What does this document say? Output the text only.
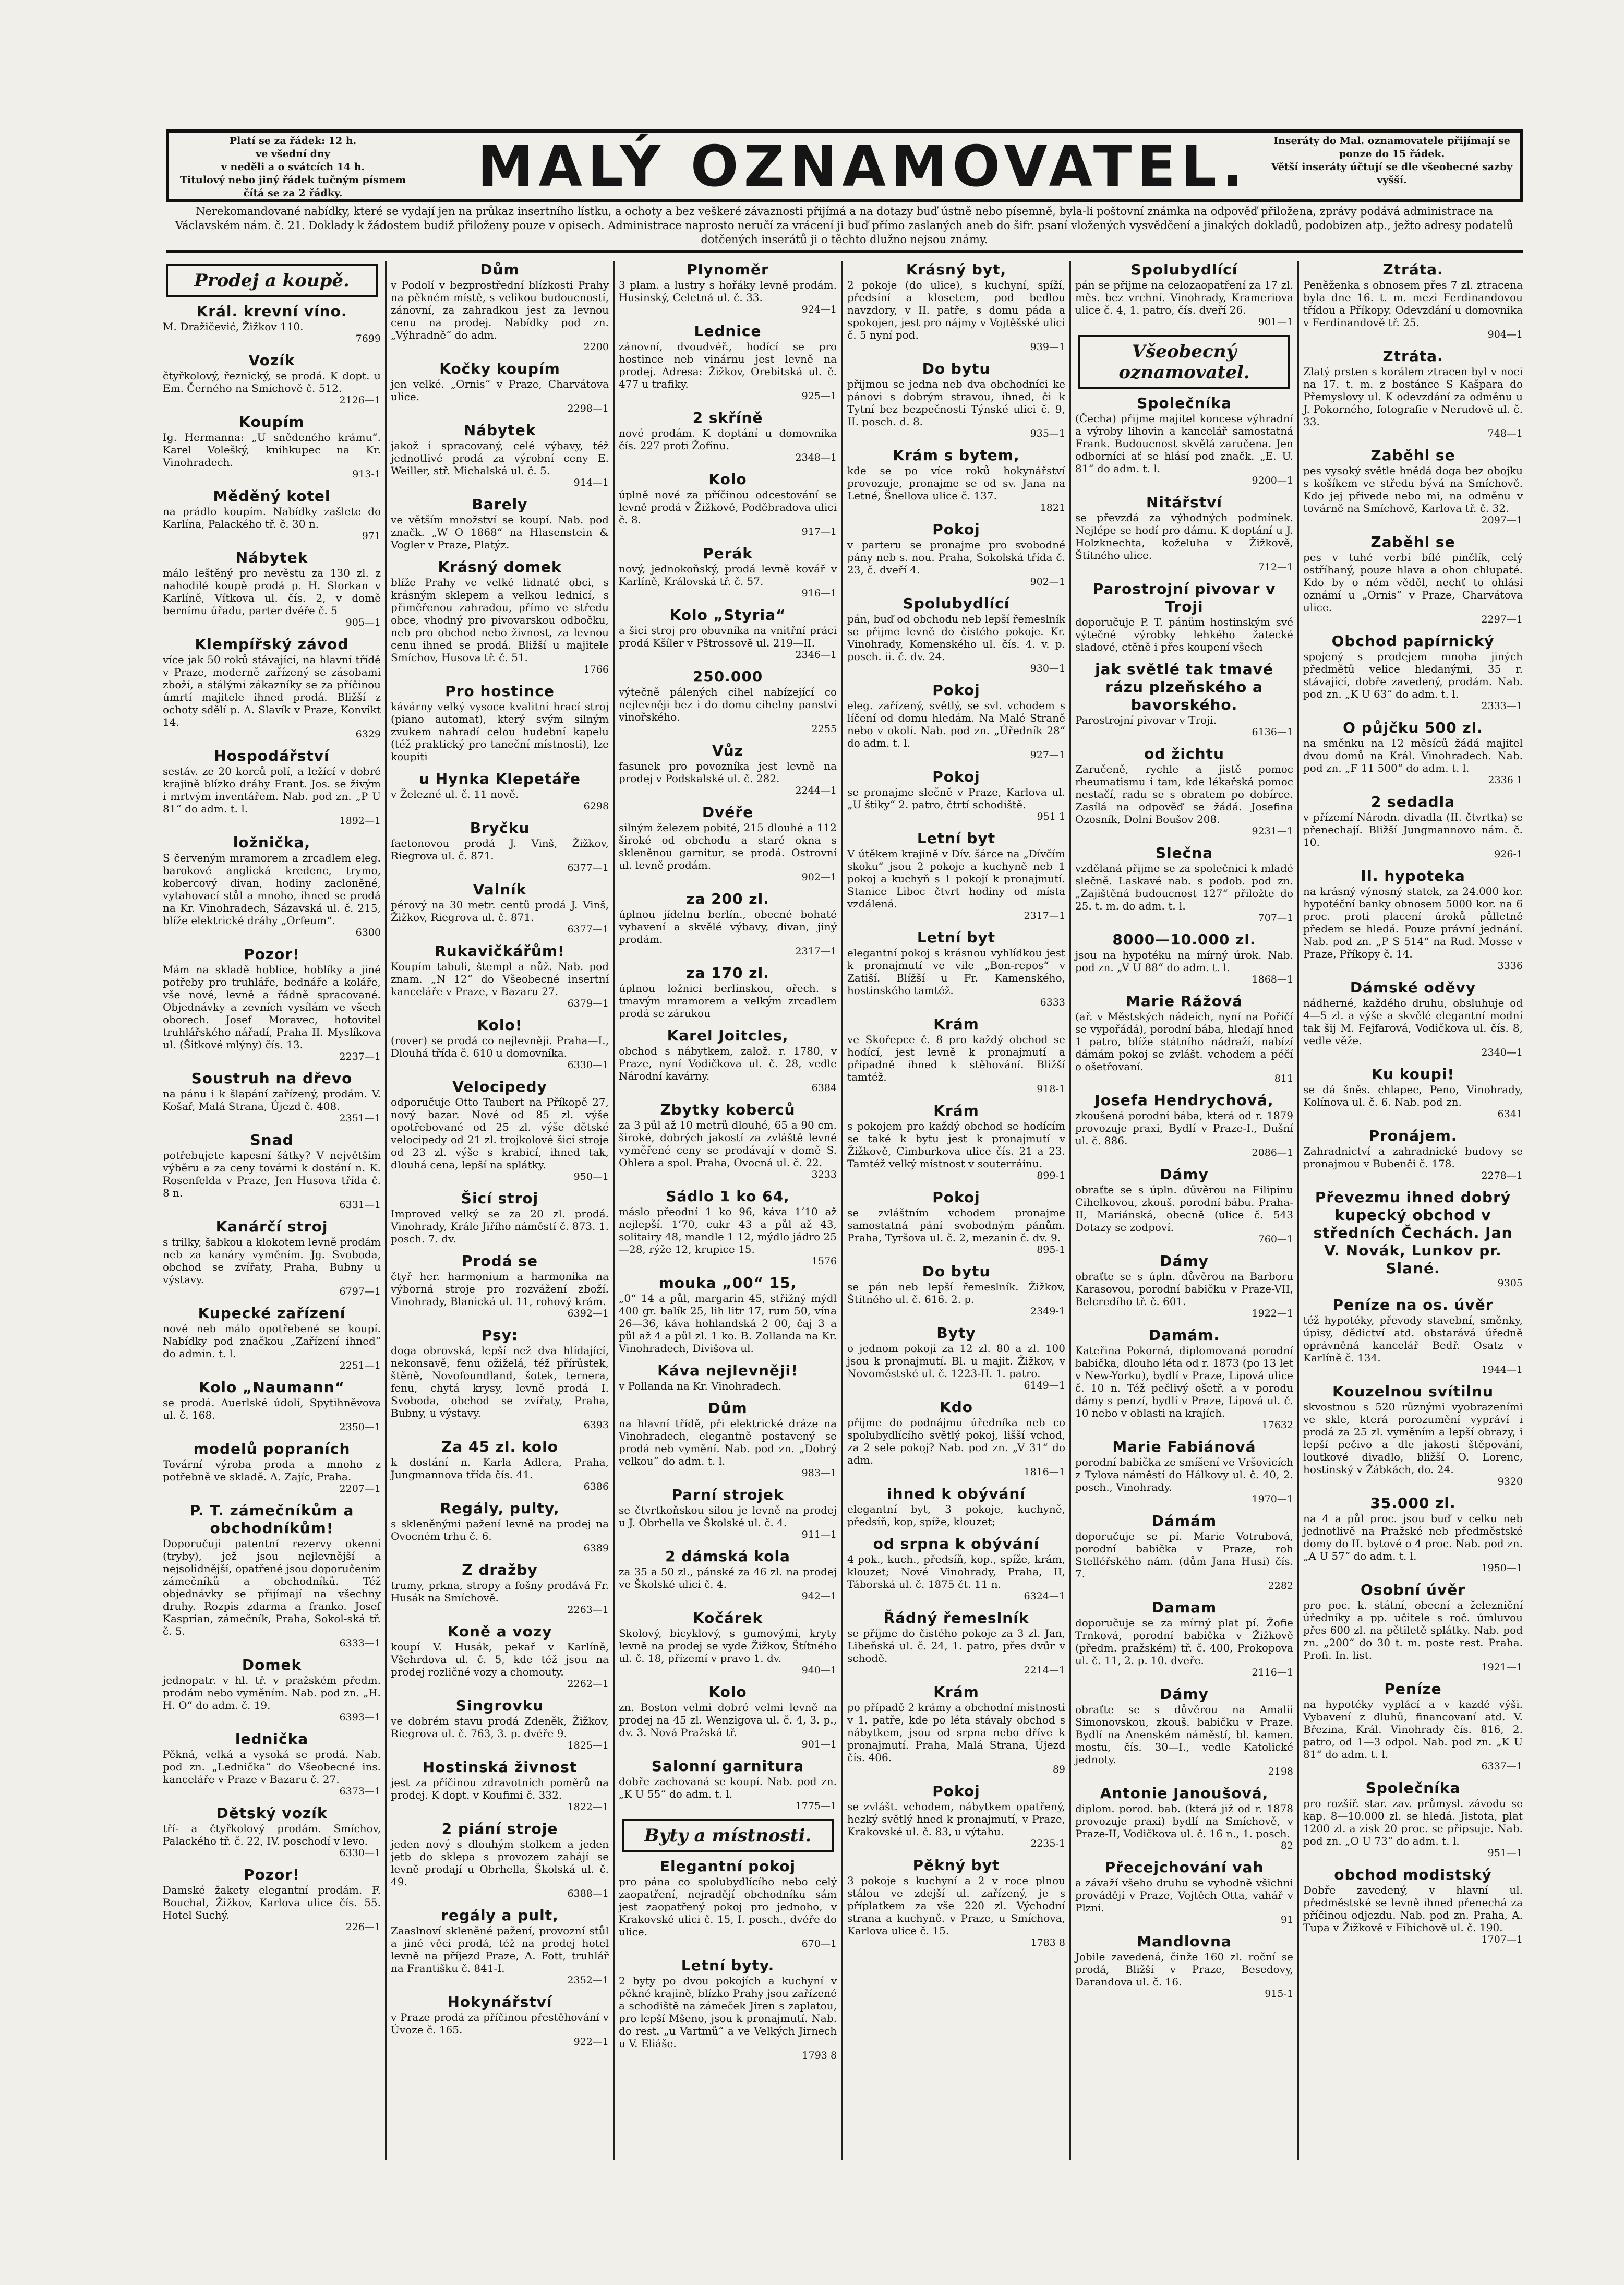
Platí se za řádek: 12 h.
ve všední dny
v neděli a o svátcích 14 h.
Titulový nebo jiný řádek tučným písmem čítá se za 2 řádky.	MALÝ OZNAMOVATEL.	Inseráty do Mal. oznamovatele přijímají se
ponze do 15 řádek.
Větší inseráty účtují se dle všeobecné sazby vyšší.
Nerekomandované nabídky, které se vydají jen na průkaz insertního lístku, a ochoty a bez veškeré závaznosti přijímá a na dotazy buď ústně nebo písemně, byla-li poštovní známka na odpověď přiložena, zprávy podává administrace na Václavském nám. č. 21. Doklady k žádostem budiž přiloženy pouze v opisech. Administrace naprosto neručí za vrácení ji buď přímo zaslaných aneb do šifr. psaní vložených vysvědčení a jinakých dokladů, podobizen atp., ježto adresy podatelů dotčených inserátů ji o těchto dlužno nejsou známy.
Prodej a koupě.
Král. krevní víno.

M. Dražičević, Žižkov 110.

7699
Vozík

čtyřkolový, řeznický, se prodá. K dopt. u Em. Černého na Smíchově č. 512.

2126—1
Koupím

Ig. Hermanna: „U snědeného krámu“. Karel Volešký, knihkupec na Kr. Vinohradech.

913-1
Měděný kotel

na prádlo koupím. Nabídky zašlete do Karlína, Palackého tř. č. 30 n.

971
Nábytek

málo leštěný pro nevěstu za 130 zl. z nahodilé koupě prodá p. H. Slorkan v Karlíně, Vítkova ul. čís. 2, v domě bernímu úřadu, parter dvéře č. 5

905—1
Klempířský závod

více jak 50 roků stávající, na hlavní třídě v Praze, moderně zařízený se zásobami zboží, a stálými zákazníky se za příčinou úmrtí majitele ihned prodá. Bližší z ochoty sdělí p. A. Slavík v Praze, Konvikt 14.

6329
Hospodářství

sestáv. ze 20 korců polí, a ležící v dobré krajině blízko dráhy Frant. Jos. se živým i mrtvým inventářem. Nab. pod zn. „P U 81“ do adm. t. l.

1892—1
ložnička,

S červeným mramorem a zrcadlem eleg. barokové anglická kredenc, trymo, kobercový divan, hodiny zacloněné, vytahovací stůl a mnoho, ihned se prodá na Kr. Vinohradech, Sázavská ul. č. 215, blíže elektrické dráhy „Orfeum“.

6300
Pozor!

Mám na skladě hoblice, hoblíky a jiné potřeby pro truhláře, bednáře a koláře, vše nové, levně a řádně spracované. Objednávky a zevních vysílám ve všech oborech. Josef Moravec, hotovitel truhlářského nářadí, Praha II. Myslíkova ul. (Šitkové mlýny) čís. 13.

2237—1
Soustruh na dřevo

na pánu i k šlapání zařízený, prodám. V. Košař, Malá Strana, Újezd č. 408.

2351—1
Snad

potřebujete kapesní šátky? V největším výběru a za ceny továrni k dostání n. K. Rosenfelda v Praze, Jen Husova třída č. 8 n.

6331—1
Kanárčí stroj

s trilky, šabkou a klokotem levně prodám neb za kanáry vyměním. Jg. Svoboda, obchod se zvířaty, Praha, Bubny u výstavy.

6797—1
Kupecké zařízení

nové neb málo opotřebené se koupí. Nabídky pod značkou „Zařízení ihned“ do admin. t. l.

2251—1
Kolo „Naumann“

se prodá. Auerlské údolí, Spytihněvova ul. č. 168.

2350—1
modelů popraních

Tovární výroba proda a mnoho z potřebně ve skladě. A. Zajíc, Praha.

2207—1
P. T. zámečníkům a obchodníkům!

Doporučuji patentní rezervy okenní (tryby), jež jsou nejlevnější a nejsolidnější, opatřené jsou doporučením zámečníků a obchodníků. Též objednávky se přijímají na všechny druhy. Rozpis zdarma a franko. Josef Kasprian, zámečník, Praha, Sokol-ská tř. č. 5.

6333—1
Domek

jednopatr. v hl. tř. v pražském předm. prodám nebo vyměním. Nab. pod zn. „H. H. O“ do adm. č. 19.

6393—1
lednička

Pěkná, velká a vysoká se prodá. Nab. pod zn. „Lednička“ do Všeobecné ins. kanceláře v Praze v Bazaru č. 27.

6373—1
Dětský vozík

tří- a čtyřkolový prodám. Smíchov, Palackého tř. č. 22, IV. poschodí v levo.

6330—1
Pozor!

Damské žakety elegantní prodám. F. Bouchal, Žižkov, Karlova ulice čís. 55. Hotel Suchý.

226—1
Dům

v Podolí v bezprostřední blízkosti Prahy na pěkném místě, s velikou budoucností, zánovní, za zahradkou jest za levnou cenu na prodej. Nabídky pod zn. „Výhradně“ do adm.

2200
Kočky koupím

jen velké. „Ornis“ v Praze, Charvátova ulice.

2298—1
Nábytek

jakož i spracovaný, celé výbavy, též jednotlivé prodá za výrobní ceny E. Weiller, stř. Michalská ul. č. 5.

914—1
Barely

ve větším množství se koupí. Nab. pod značk. „W O 1868“ na Hlasenstein & Vogler v Praze, Platýz.

Krásný domek

blíže Prahy ve velké lidnaté obci, s krásným sklepem a velkou lednicí, s přiměřenou zahradou, přímo ve středu obce, vhodný pro pivovarskou odbočku, neb pro obchod nebo živnost, za levnou cenu ihned se prodá. Bližší u majitele Smíchov, Husova tř. č. 51.

1766
Pro hostince

kávárny velký vysoce kvalitní hrací stroj (piano automat), který svým silným zvukem nahradí celou hudební kapelu (též praktický pro taneční místnosti), lze koupiti

u Hynka Klepetáře

v Železné ul. č. 11 nově.

6298
Bryčku

faetonovou prodá J. Vinš, Žižkov, Riegrova ul. č. 871.

6377—1
Valník

pérový na 30 metr. centů prodá J. Vinš, Žižkov, Riegrova ul. č. 871.

6377—1
Rukavičkářům!

Koupím tabuli, štempl a nůž. Nab. pod znam. „N 12“ do Všeobecné insertní kanceláře v Praze, v Bazaru 27.

6379—1
Kolo!

(rover) se prodá co nejlevněji. Praha—I., Dlouhá třída č. 610 u domovníka.

6330—1
Velocipedy

odporučuje Otto Taubert na Příkopě 27, nový bazar. Nové od 85 zl. výše opotřebované od 25 zl. výše dětské velocipedy od 21 zl. trojkolové šicí stroje od 23 zl. výše s krabicí, ihned tak, dlouhá cena, lepší na splátky.

950—1
Šicí stroj

Improved velký se za 20 zl. prodá. Vinohrady, Krále Jiřího náměstí č. 873. 1. posch. 7. dv.

Prodá se

čtyř her. harmonium a harmonika na výborná stroje pro rozvážení zboží. Vinohrady, Blanická ul. 11, rohový krám.

6392—1
Psy:

doga obrovská, lepší než dva hlídající, nekonsavě, fenu ožiželá, též přírůstek, štěně, Novofoundland, šotek, ternera, fenu, chytá krysy, levně prodá I. Svoboda, obchod se zvířaty, Praha, Bubny, u výstavy.

6393
Za 45 zl. kolo

k dostání n. Karla Adlera, Praha, Jungmannova třída čís. 41.

6386
Regály, pulty,

s skleněnými pažení levně na prodej na Ovocném trhu č. 6.

6389
Z dražby

trumy, prkna, stropy a fošny prodává Fr. Husák na Smíchově.

2263—1
Koně a vozy

koupí V. Husák, pekař v Karlíně, Všehrdova ul. č. 5, kde též jsou na prodej rozličné vozy a chomouty.

2262—1
Singrovku

ve dobrém stavu prodá Zdeněk, Žižkov, Riegrova ul. č. 763, 3. p. dvéře 9.

1825—1
Hostinská živnost

jest za příčinou zdravotních poměrů na prodej. K dopt. v Koufimi č. 332.

1822—1
2 piání stroje

jeden nový s dlouhým stolkem a jeden jetb do sklepa s provozem zahájí se levně prodají u Obrhella, Školská ul. č. 49.

6388—1
regály a pult,

Zaaslnoví skleněné pažení, provozní stůl a jiné věci prodá, též na prodej hotel levně na příjezd Praze, A. Fott, truhlář na Františku č. 841-I.

2352—1
Hokynářství

v Praze prodá za příčinou přestěhování v Úvoze č. 165.

922—1
Plynoměr

3 plam. a lustry s hořáky levně prodám. Husinský, Celetná ul. č. 33.

924—1
Lednice

zánovní, dvoudvéř., hodící se pro hostince neb vinárnu jest levně na prodej. Adresa: Žižkov, Orebitská ul. č. 477 u trafiky.

925—1
2 skříně

nové prodám. K doptání u domovnika čís. 227 proti Žofínu.

2348—1
Kolo

úplně nové za příčinou odcestování se levně prodá v Žižkově, Poděbradova ulici č. 8.

917—1
Perák

nový, jednokoňský, prodá levně kovář v Karlíně, Královská tř. č. 57.

916—1
Kolo „Styria“

a šicí stroj pro obuvníka na vnitřní práci prodá Kšíler v Pštrossově ul. 219—II.

2346—1
250.000

výtečně pálených cihel nabízející co nejlevněji bez i do domu cihelny panství vinořského.

2255
Vůz

fasunek pro povozníka jest levně na prodej v Podskalské ul. č. 282.

2244—1
Dvéře

silným železem pobité, 215 dlouhé a 112 široké od obchodu a staré okna s skleněnou garnitur, se prodá. Ostrovní ul. levně prodám.

902—1
za 200 zl.

úplnou jídelnu berlín., obecné bohaté vybavení a skvělé výbavy, divan, jiný prodám.

2317—1
za 170 zl.

úplnou ložnici berlínskou, ořech. s tmavým mramorem a velkým zrcadlem prodá se zárukou

Karel Joitcles,

obchod s nábytkem, založ. r. 1780, v Praze, nyní Vodičkova ul. č. 28, vedle Národní kavárny.

6384
Zbytky koberců

za 3 půl až 10 metrů dlouhé, 65 a 90 cm. široké, dobrých jakostí za zvláště levné vyměřené ceny se prodávají v domě S. Ohlera a spol. Praha, Ovocná ul. č. 22.

3233
Sádlo 1 ko 64,

máslo přeodní 1 ko 96, káva 1‘10 až nejlepší. 1‘70, cukr 43 a půl až 43, solitairy 48, mandle 1 12, mýdlo jádro 25—28, rýže 12, krupice 15.

1576
mouka „00“ 15,

„0“ 14 a půl, margarin 45, střižný mýdl 400 gr. balík 25, lih litr 17, rum 50, vína 26—36, káva hohlandská 2 00, čaj 3 a půl až 4 a půl zl. 1 ko. B. Zollanda na Kr. Vinohradech, Divišova ul.

Káva nejlevněji!

v Pollanda na Kr. Vinohradech.

Dům

na hlavní třídě, při elektrické dráze na Vinohradech, elegantně postavený se prodá neb vymění. Nab. pod zn. „Dobrý velkou“ do adm. t. l.

983—1
Parní strojek

se čtvrtkoňskou silou je levně na prodej u J. Obrhella ve Školské ul. č. 4.

911—1
2 dámská kola

za 35 a 50 zl., pánské za 46 zl. na prodej ve Školské ulici č. 4.

942—1
Kočárek

Skolový, bicyklový, s gumovými, kryty levně na prodej se vyde Žižkov, Štítného ul. č. 18, přízemí v pravo 1. dv.

940—1
Kolo

zn. Boston velmi dobré velmi levně na prodej na 45 zl. Wenzigova ul. č. 4, 3. p., dv. 3. Nová Pražská tř.

901—1
Salonní garnitura

dobře zachovaná se koupí. Nab. pod zn. „K U 55“ do adm. t. l.

1775—1
Byty a místnosti.
Elegantní pokoj

pro pána co spolubydlícího nebo celý zaopatření, nejradějí obchodníku sám jest zaopatřený pokoj pro jednoho, v Krakovské ulici č. 15, I. posch., dvéře do ulice.

670—1
Letní byty.

2 byty po dvou pokojích a kuchyní v pěkné krajině, blízko Prahy jsou zařízené a schodiště na zámeček Jiren s zaplatou, pro lepší Mšeno, jsou k pronajmutí. Nab. do rest. „u Vartmů“ a ve Velkých Jirnech u V. Eliáše.

1793 8
Krásný byt,

2 pokoje (do ulice), s kuchyní, spíží, předsíní a klosetem, pod bedlou navzdory, v II. patře, s domu páda a spokojen, jest pro nájmy v Vojtěšské ulici č. 5 nyní pod.

939—1
Do bytu

přijmou se jedna neb dva obchodníci ke pánovi s dobrým stravou, ihned, či k Tytní bez bezpečnosti Týnské ulici č. 9, II. posch. d. 8.

935—1
Krám s bytem,

kde se po více roků hokynářství provozuje, pronajme se od sv. Jana na Letné, Šnellova ulice č. 137.

1821
Pokoj

v parteru se pronajme pro svobodné pány neb s. nou. Praha, Sokolská třída č. 23, č. dveří 4.

902—1
Spolubydlící

pán, buď od obchodu neb lepší řemeslník se přijme levně do čistého pokoje. Kr. Vinohrady, Komenského ul. čís. 4. v. p. posch. ii. č. dv. 24.

930—1
Pokoj

eleg. zařízený, světlý, se svl. vchodem s líčení od domu hledám. Na Malé Straně nebo v okolí. Nab. pod zn. „Úředník 28“ do adm. t. l.

927—1
Pokoj

se pronajme slečně v Praze, Karlova ul. „U štiky“ 2. patro, čtrtí schodiště.

951 1
Letní byt

V útěkem krajině v Dív. šárce na „Dívčím skoku“ jsou 2 pokoje a kuchyně neb 1 pokoj a kuchyň s 1 pokojí k pronajmutí. Stanice Liboc čtvrt hodiny od místa vzdálená.

2317—1
Letní byt

elegantní pokoj s krásnou vyhlídkou jest k pronajmutí ve vile „Bon-repos“ v Zatiší. Blížší u Fr. Kamenského, hostinského tamtéž.

6333
Krám

ve Skořepce č. 8 pro každý obchod se hodící, jest levně k pronajmutí a připadně ihned k stěhování. Bližší tamtéž.

918-1
Krám

s pokojem pro každý obchod se hodícím se také k bytu jest k pronajmutí v Žižkově, Cimburkova ulice čís. 21 a 23. Tamtéž velký místnost v souterráinu.

899-1
Pokoj

se zvláštním vchodem pronajme samostatná pání svobodným pánům. Praha, Tyršova ul. č. 2, mezanin č. dv. 9.

895-1
Do bytu

se pán neb lepší řemeslník. Žižkov, Štítného ul. č. 616. 2. p.

2349-1
Byty

o jednom pokoji za 12 zl. 80 a zl. 100 jsou k pronajmutí. Bl. u majit. Žižkov, v Novoměstské ul. č. 1223-II. 1. patro.

6149—1
Kdo

přijme do podnájmu úředníka neb co spolubydlícího světlý pokoj, lišší vchod, za 2 sele pokoj? Nab. pod zn. „V 31“ do adm.

1816—1
ihned k obývání

elegantní byt, 3 pokoje, kuchyně, předsíň, kop, spíže, klouzet;

od srpna k obývání

4 pok., kuch., předsíň, kop., spíže, krám, klouzet; Nové Vinohrady, Praha, II, Táborská ul. č. 1875 čt. 11 n.

6324—1
Řádný řemeslník

se přijme do čistého pokoje za 3 zl. Jan, Libeňská ul. č. 24, 1. patro, přes dvůr v schodě.

2214—1
Krám

po případě 2 krámy a obchodní místnosti v 1. patře, kde po léta stávaly obchod s nábytkem, jsou od srpna nebo dříve k pronajmutí. Praha, Malá Strana, Újezd čís. 406.

89
Pokoj

se zvlášt. vchodem, nábytkem opatřený, hezký světlý hned k pronajmutí, v Praze, Krakovské ul. č. 83, u výtahu.

2235-1
Pěkný byt

3 pokoje s kuchyní a 2 v roce plnou stálou ve zdejší ul. zařízený, je s příplatkem za vše 220 zl. Východní strana a kuchyně. v Praze, u Smíchova, Karlova ulice č. 15.

1783 8
Spolubydlící

pán se přijme na celozaopatření za 17 zl. měs. bez vrchní. Vinohrady, Krameriova ulice č. 4, 1. patro, čís. dveří 26.

901—1
Všeobecný oznamovatel.
Společníka

(Čecha) přijme majitel koncese výhradní a výroby lihovin a kancelář samostatná Frank. Budoucnost skvělá zaručena. Jen odborníci ať se hlásí pod značk. „E. U. 81“ do adm. t. l.

9200—1
Nitářství

se převzdá za výhodných podmínek. Nejlépe se hodí pro dámu. K doptání u J. Holzknechta, koželuha v Žižkově, Štítného ulice.

712—1
Parostrojní pivovar v Troji

doporučuje P. T. pánům hostinským své výtečné výrobky lehkého žatecké sladové, ctěně i přes koupení všech

jak světlé tak tmavé rázu plzeňského a bavorského.

Parostrojní pivovar v Troji.

6136—1
od žichtu

Zaručeně, rychle a jistě pomoc rheumatismu i tam, kde lékařská pomoc nestačí, radu se s obratem po dobírce. Zasílá na odpověď se žádá. Josefina Ozosník, Dolní Boušov 208.

9231—1
Slečna

vzdělaná přijme se za společnici k mladé slečně. Laskavé nab. s podob. pod zn. „Zajištěná budoucnost 127“ přiložte do 25. t. m. do adm. t. l.

707—1
8000—10.000 zl.

jsou na hypotéku na mírný úrok. Nab. pod zn. „V U 88“ do adm. t. l.

1868—1
Marie Rážová

(ař. v Městských nádeích, nyní na Poříčí se vypořádá), porodní bába, hledají hned 1 patro, blíže státního nádraží, nabízí dámám pokoj se zvlášt. vchodem a péčí o ošetřovaní.

811
Josefa Hendrychová,

zkoušená porodní bába, která od r. 1879 provozuje praxi, Bydlí v Praze-I., Dušní ul. č. 886.

2086—1
Dámy

obraťte se s úpln. důvěrou na Filipinu Cihelkovou, zkouš. porodní bábu. Praha-II, Mariánská, obecně (ulice č. 543 Dotazy se zodpoví.

760—1
Dámy

obraťte se s úpln. důvěrou na Barboru Karasovou, porodní babičku v Praze-VII, Belcredího tř. č. 601.

1922—1
Damám.

Kateřina Pokorná, diplomovaná porodní babička, dlouho léta od r. 1873 (po 13 let v New-Yorku), bydlí v Praze, Lipová ulice č. 10 n. Též pečlivý ošetř. a v porodu dámy s penzí, bydlí v Praze, Lipová ul. č. 10 nebo v oblasti na krajích.

17632
Marie Fabiánová

porodní babička ze smíšení ve Vršovicích z Tylova náměstí do Hálkovy ul. č. 40, 2. posch., Vinohrady.

1970—1
Dámám

doporučuje se pí. Marie Votrubová, porodní babička v Praze, roh Stelléřského nám. (dům Jana Husi) čís. 7.

2282
Damam

doporučuje se za mírný plat pí. Žofie Trnková, porodní babička v Žižkově (předm. pražském) tř. č. 400, Prokopova ul. č. 11, 2. p. 10. dveře.

2116—1
Dámy

obraťte se s důvěrou na Amalii Simonovskou, zkouš. babičku v Praze. Bydlí na Anenském náměstí, bl. kamen. mostu, čís. 30—I., vedle Katolické jednoty.

2198
Antonie Janoušová,

diplom. porod. bab. (která již od r. 1878 provozuje praxi) bydlí na Smíchově, v Praze-II, Vodičkova ul. č. 16 n., 1. posch.

82
Přecejchování vah

a závaží všeho druhu se vyhodně všichni provádějí v Praze, Vojtěch Otta, vahář v Plzni.

91
Mandlovna

Jobile zavedená, činže 160 zl. roční se prodá, Bližší v Praze, Besedovy, Darandova ul. č. 16.

915-1
Ztráta.

Peněženka s obnosem přes 7 zl. ztracena byla dne 16. t. m. mezi Ferdinandovou třídou a Příkopy. Odevzdání u domovnika v Ferdinandově tř. 25.

904—1
Ztráta.

Zlatý prsten s korálem ztracen byl v noci na 17. t. m. z bostánce S Kašpara do Přemyslovy ul. K odevzdání za odměnu u J. Pokorného, fotografie v Nerudově ul. č. 33.

748—1
Zaběhl se

pes vysoký světle hnědá doga bez obojku s košíkem ve středu bývá na Smíchově. Kdo jej přivede nebo mi, na odměnu v továrně na Smíchově, Karlova tř. č. 32.

2097—1
Zaběhl se

pes v tuhé verbí bílé pinčlík, celý ostříhaný, pouze hlava a ohon chlupaté. Kdo by o ném věděl, nechť to ohlásí oznámí u „Ornis“ v Praze, Charvátova ulice.

2297—1
Obchod papírnický

spojený s prodejem mnoha jiných předmětů velice hledanými, 35 r. stávající, dobře zavedený, prodám. Nab. pod zn. „K U 63“ do adm. t. l.

2333—1
O půjčku 500 zl.

na směnku na 12 měsíců žádá majitel dvou domů na Král. Vinohradech. Nab. pod zn. „F 11 500“ do adm. t. l.

2336 1
2 sedadla

v přízemí Národn. divadla (II. čtvrtka) se přenechají. Bližší Jungmannovo nám. č. 10.

926-1
II. hypoteka

na krásný výnosný statek, za 24.000 kor. hypotéční banky obnosem 5000 kor. na 6 proc. proti placení úroků půlletně předem se hledá. Pouze právní jednání. Nab. pod zn. „P S 514“ na Rud. Mosse v Praze, Příkopy č. 14.

3336
Dámské oděvy

nádherné, každého druhu, obsluhuje od 4—5 zl. a výše a skvělé elegantní modní tak šij M. Fejfarová, Vodičkova ul. čís. 8, vedle věže.

2340—1
Ku koupi!

se dá šněs. chlapec, Peno, Vinohrady, Kolínova ul. č. 6. Nab. pod zn.

6341
Pronájem.

Zahradnictví a zahradnické budovy se pronajmou v Bubenči č. 178.

2278—1
Převezmu ihned dobrý kupecký obchod v středních Čechách. Jan V. Novák, Lunkov pr. Slané.
9305
Peníze na os. úvěr

též hypotéky, převody stavební, směnky, úpisy, dědictví atd. obstarává úředně oprávněná kancelář Bedř. Osatz v Karlíně č. 134.

1944—1
Kouzelnou svítilnu

skvostnou s 520 různými vyobrazeními ve skle, která porozumění vypráví i prodá za 25 zl. vyměním a lepší obrazy, i lepší pečivo a dle jakosti štěpování, loutkové divadlo, bližší O. Lorenc, hostinský v Žábkách, do. 24.

9320
35.000 zl.

na 4 a půl proc. jsou buď v celku neb jednotlivě na Pražské neb předměstské domy do II. bytové o 4 proc. Nab. pod zn. „A U 57“ do adm. t. l.

1950—1
Osobní úvěr

pro poc. k. státní, obecní a železniční úředníky a pp. učitele s roč. úmluvou přes 600 zl. na pětiletě splátky. Nab. pod zn. „200“ do 30 t. m. poste rest. Praha. Profi. In. list.

1921—1
Peníze

na hypotéky vyplácí a v kazdé výši. Vybavení z dluhů, financovaní atd. V. Březina, Král. Vinohrady čís. 816, 2. patro, od 1—3 odpol. Nab. pod zn. „K U 81“ do adm. t. l.

6337—1
Společníka

pro rozšíř. star. zav. průmysl. závodu se kap. 8—10.000 zl. se hledá. Jistota, plat 1200 zl. a zisk 20 proc. se připsuje. Nab. pod zn. „O U 73“ do adm. t. l.

951—1
obchod modistský

Dobře zavedený, v hlavní ul. předměstské se levně ihned přenechá za příčinou odjezdu. Nab. pod zn. Praha, A. Tupa v Žižkově v Fibichově ul. č. 190.

1707—1
